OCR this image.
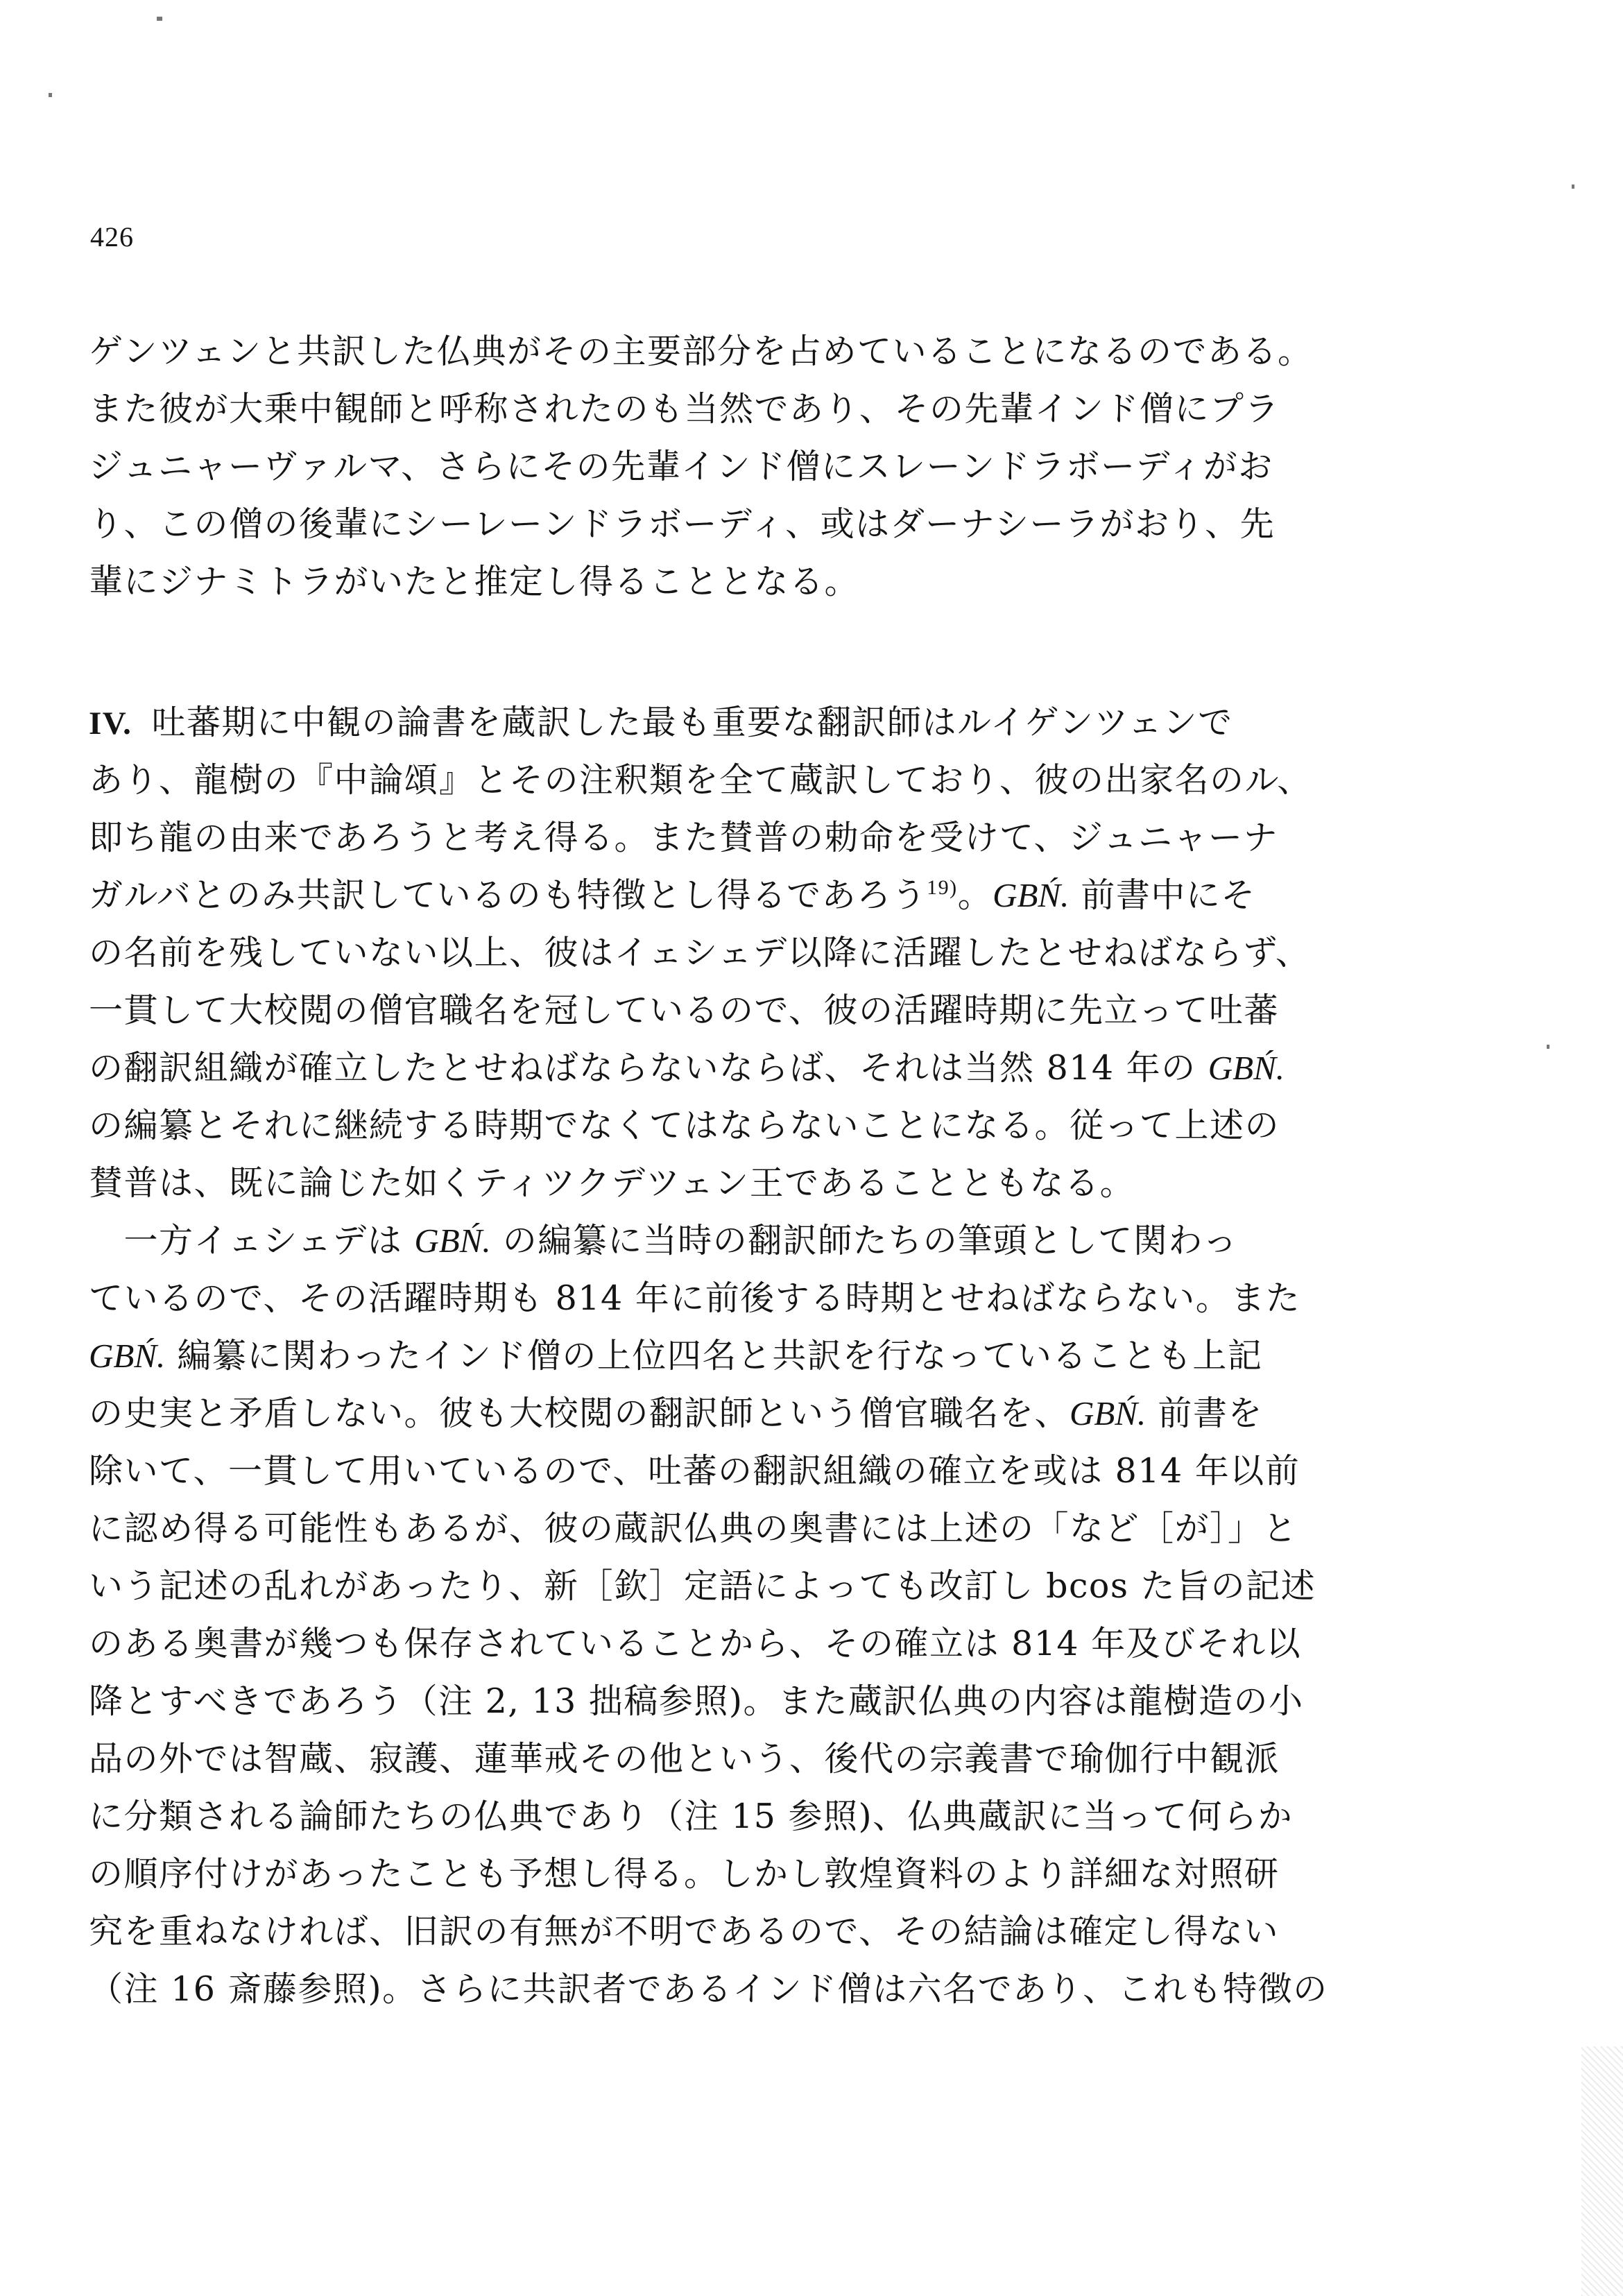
426
ゲンツェンと共訳した仏典がその主要部分を占めていることになるのである。
また彼が大乗中観師と呼称されたのも当然であり、その先輩インド僧にプラ
ジュニャーヴァルマ、さらにその先輩インド僧にスレーンドラボーディがお
り、この僧の後輩にシーレーンドラボーディ、或はダーナシーラがおり、先
輩にジナミトラがいたと推定し得ることとなる。
IV. 吐蕃期に中観の論書を蔵訳した最も重要な翻訳師はルイゲンツェンで
あり、龍樹の『中論頌』とその注釈類を全て蔵訳しており、彼の出家名のル、
即ち龍の由来であろうと考え得る。また賛普の勅命を受けて、ジュニャーナ
ガルバとのみ共訳しているのも特徴とし得るであろう$^{19)}$。GBŃ. 前書中にそ
の名前を残していない以上、彼はイェシェデ以降に活躍したとせねばならず、
一貫して大校閲の僧官職名を冠しているので、彼の活躍時期に先立って吐蕃
の翻訳組織が確立したとせねばならないならば、それは当然 814 年の GBŃ.
の編纂とそれに継続する時期でなくてはならないことになる。従って上述の
賛普は、既に論じた如くティツクデツェン王であることともなる。
　一方イェシェデは GBŃ. の編纂に当時の翻訳師たちの筆頭として関わっ
ているので、その活躍時期も 814 年に前後する時期とせねばならない。また
GBŃ. 編纂に関わったインド僧の上位四名と共訳を行なっていることも上記
の史実と矛盾しない。彼も大校閲の翻訳師という僧官職名を、GBŃ. 前書を
除いて、一貫して用いているので、吐蕃の翻訳組織の確立を或は 814 年以前
に認め得る可能性もあるが、彼の蔵訳仏典の奥書には上述の「など［が］」と
いう記述の乱れがあったり、新［欽］定語によっても改訂し bcos た旨の記述
のある奥書が幾つも保存されていることから、その確立は 814 年及びそれ以
降とすべきであろう（注 2, 13 拙稿参照)。また蔵訳仏典の内容は龍樹造の小
品の外では智蔵、寂護、蓮華戒その他という、後代の宗義書で瑜伽行中観派
に分類される論師たちの仏典であり（注 15 参照)、仏典蔵訳に当って何らか
の順序付けがあったことも予想し得る。しかし敦煌資料のより詳細な対照研
究を重ねなければ、旧訳の有無が不明であるので、その結論は確定し得ない
（注 16 斎藤参照)。さらに共訳者であるインド僧は六名であり、これも特徴の
